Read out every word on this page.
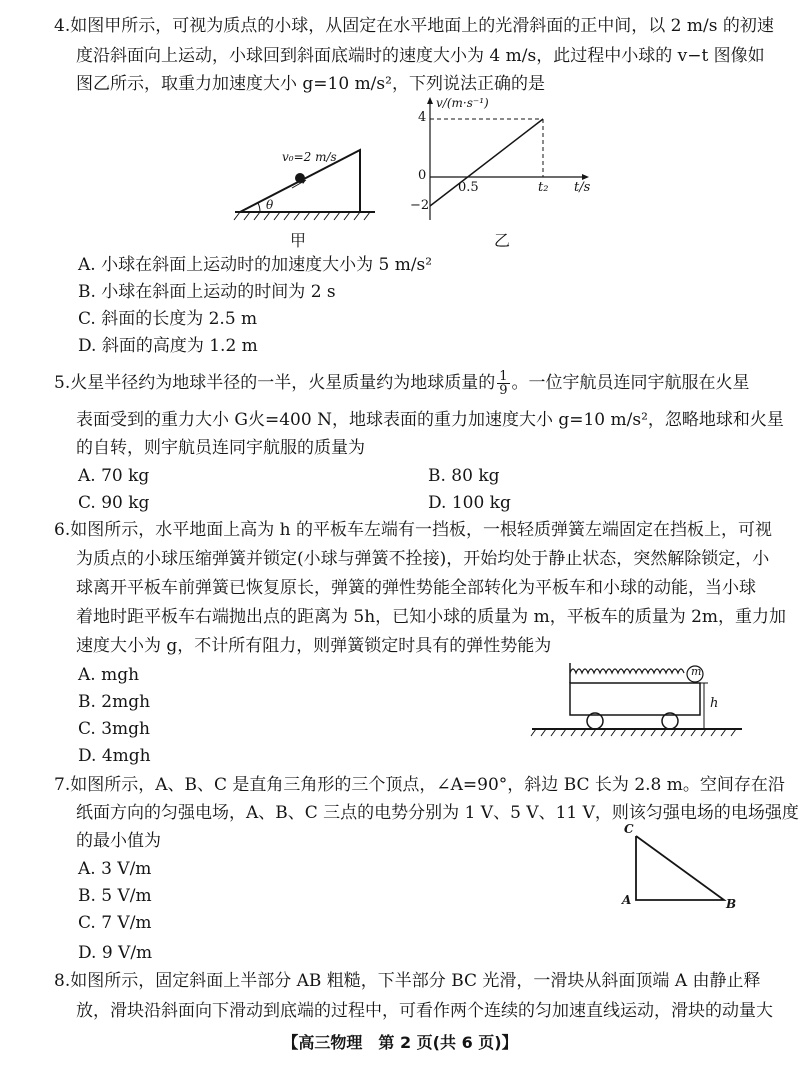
4.如图甲所示，可视为质点的小球，从固定在水平地面上的光滑斜面的正中间，以 2 m/s 的初速
度沿斜面向上运动，小球回到斜面底端时的速度大小为 4 m/s，此过程中小球的 v−t 图像如
图乙所示，取重力加速度大小 g=10 m/s²，下列说法正确的是
v₀=2 m/s
θ
甲
v/(m·s⁻¹)
4
0
−2
0.5	t₂ t/s
乙
A. 小球在斜面上运动时的加速度大小为 5 m/s²
B. 小球在斜面上运动的时间为 2 s
C. 斜面的长度为 2.5 m
D. 斜面的高度为 1.2 m
5.火星半径约为地球半径的一半，火星质量约为地球质量的 $\frac{1}{9}$ 。一位宇航员连同宇航服在火星
表面受到的重力大小 G火=400 N，地球表面的重力加速度大小 g=10 m/s²，忽略地球和火星
的自转，则宇航员连同宇航服的质量为
A. 70 kg	B. 80 kg
C. 90 kg	D. 100 kg
6.如图所示，水平地面上高为 h 的平板车左端有一挡板，一根轻质弹簧左端固定在挡板上，可视
为质点的小球压缩弹簧并锁定(小球与弹簧不拴接)，开始均处于静止状态，突然解除锁定，小
球离开平板车前弹簧已恢复原长，弹簧的弹性势能全部转化为平板车和小球的动能，当小球
着地时距平板车右端抛出点的距离为 5h，已知小球的质量为 m，平板车的质量为 2m，重力加
速度大小为 g，不计所有阻力，则弹簧锁定时具有的弹性势能为
m
h
A. mgh
B. 2mgh
C. 3mgh
D. 4mgh
7.如图所示，A、B、C 是直角三角形的三个顶点，∠A=90°，斜边 BC 长为 2.8 m。空间存在沿
纸面方向的匀强电场，A、B、C 三点的电势分别为 1 V、5 V、11 V，则该匀强电场的电场强度
的最小值为
C
A	B
A. 3 V/m
B. 5 V/m
C. 7 V/m
D. 9 V/m
8.如图所示，固定斜面上半部分 AB 粗糙，下半部分 BC 光滑，一滑块从斜面顶端 A 由静止释
放，滑块沿斜面向下滑动到底端的过程中，可看作两个连续的匀加速直线运动，滑块的动量大
【高三物理　第 2 页(共 6 页)】
